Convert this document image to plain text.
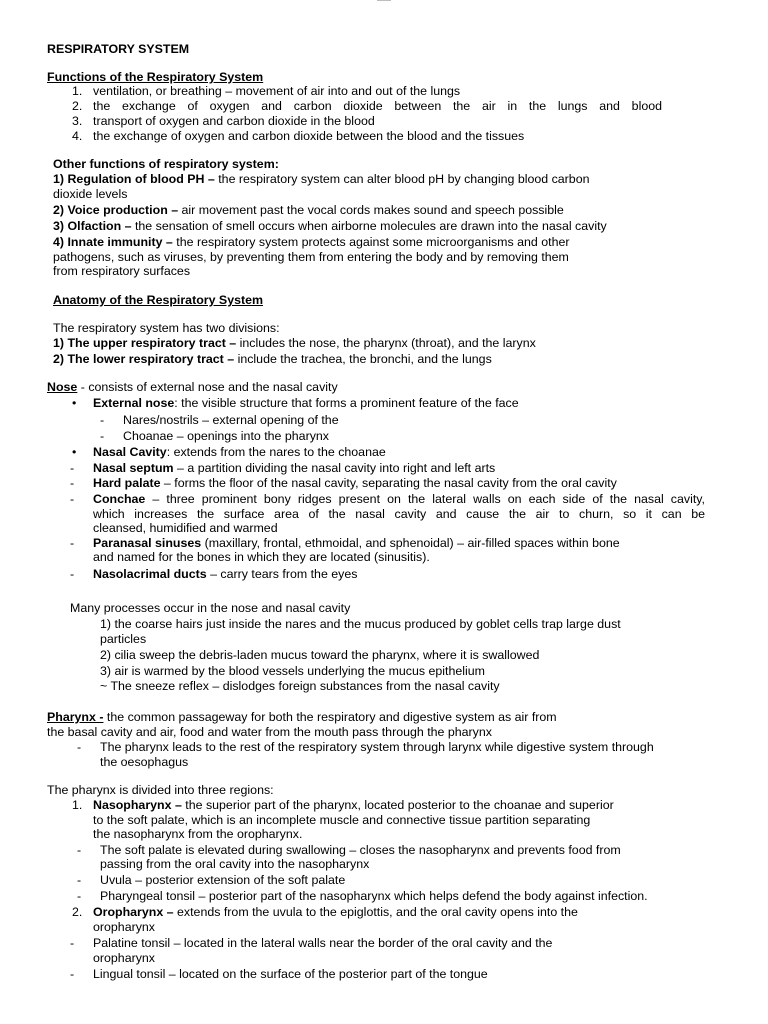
RESPIRATORY SYSTEM
Functions of the Respiratory System
1. ventilation, or breathing – movement of air into and out of the lungs
2. the exchange of oxygen and carbon dioxide between the air in the lungs and blood
3. transport of oxygen and carbon dioxide in the blood
4. the exchange of oxygen and carbon dioxide between the blood and the tissues
Other functions of respiratory system:
1) Regulation of blood PH – the respiratory system can alter blood pH by changing blood carbon
dioxide levels
2) Voice production – air movement past the vocal cords makes sound and speech possible
3) Olfaction – the sensation of smell occurs when airborne molecules are drawn into the nasal cavity
4) Innate immunity – the respiratory system protects against some microorganisms and other
pathogens, such as viruses, by preventing them from entering the body and by removing them
from respiratory surfaces
Anatomy of the Respiratory System
The respiratory system has two divisions:
1) The upper respiratory tract – includes the nose, the pharynx (throat), and the larynx
2) The lower respiratory tract – include the trachea, the bronchi, and the lungs
Nose - consists of external nose and the nasal cavity
• External nose: the visible structure that forms a prominent feature of the face
- Nares/nostrils – external opening of the
- Choanae – openings into the pharynx
• Nasal Cavity: extends from the nares to the choanae
- Nasal septum – a partition dividing the nasal cavity into right and left arts
- Hard palate – forms the floor of the nasal cavity, separating the nasal cavity from the oral cavity
- Conchae – three prominent bony ridges present on the lateral walls on each side of the nasal cavity,
which increases the surface area of the nasal cavity and cause the air to churn, so it can be
cleansed, humidified and warmed
- Paranasal sinuses (maxillary, frontal, ethmoidal, and sphenoidal) – air-filled spaces within bone
and named for the bones in which they are located (sinusitis).
- Nasolacrimal ducts – carry tears from the eyes
Many processes occur in the nose and nasal cavity
1) the coarse hairs just inside the nares and the mucus produced by goblet cells trap large dust
particles
2) cilia sweep the debris-laden mucus toward the pharynx, where it is swallowed
3) air is warmed by the blood vessels underlying the mucus epithelium
~ The sneeze reflex – dislodges foreign substances from the nasal cavity
Pharynx - the common passageway for both the respiratory and digestive system as air from
the basal cavity and air, food and water from the mouth pass through the pharynx
- The pharynx leads to the rest of the respiratory system through larynx while digestive system through
the oesophagus
The pharynx is divided into three regions:
1. Nasopharynx – the superior part of the pharynx, located posterior to the choanae and superior
to the soft palate, which is an incomplete muscle and connective tissue partition separating
the nasopharynx from the oropharynx.
- The soft palate is elevated during swallowing – closes the nasopharynx and prevents food from
passing from the oral cavity into the nasopharynx
- Uvula – posterior extension of the soft palate
- Pharyngeal tonsil – posterior part of the nasopharynx which helps defend the body against infection.
2. Oropharynx – extends from the uvula to the epiglottis, and the oral cavity opens into the
oropharynx
- Palatine tonsil – located in the lateral walls near the border of the oral cavity and the
oropharynx
- Lingual tonsil – located on the surface of the posterior part of the tongue
